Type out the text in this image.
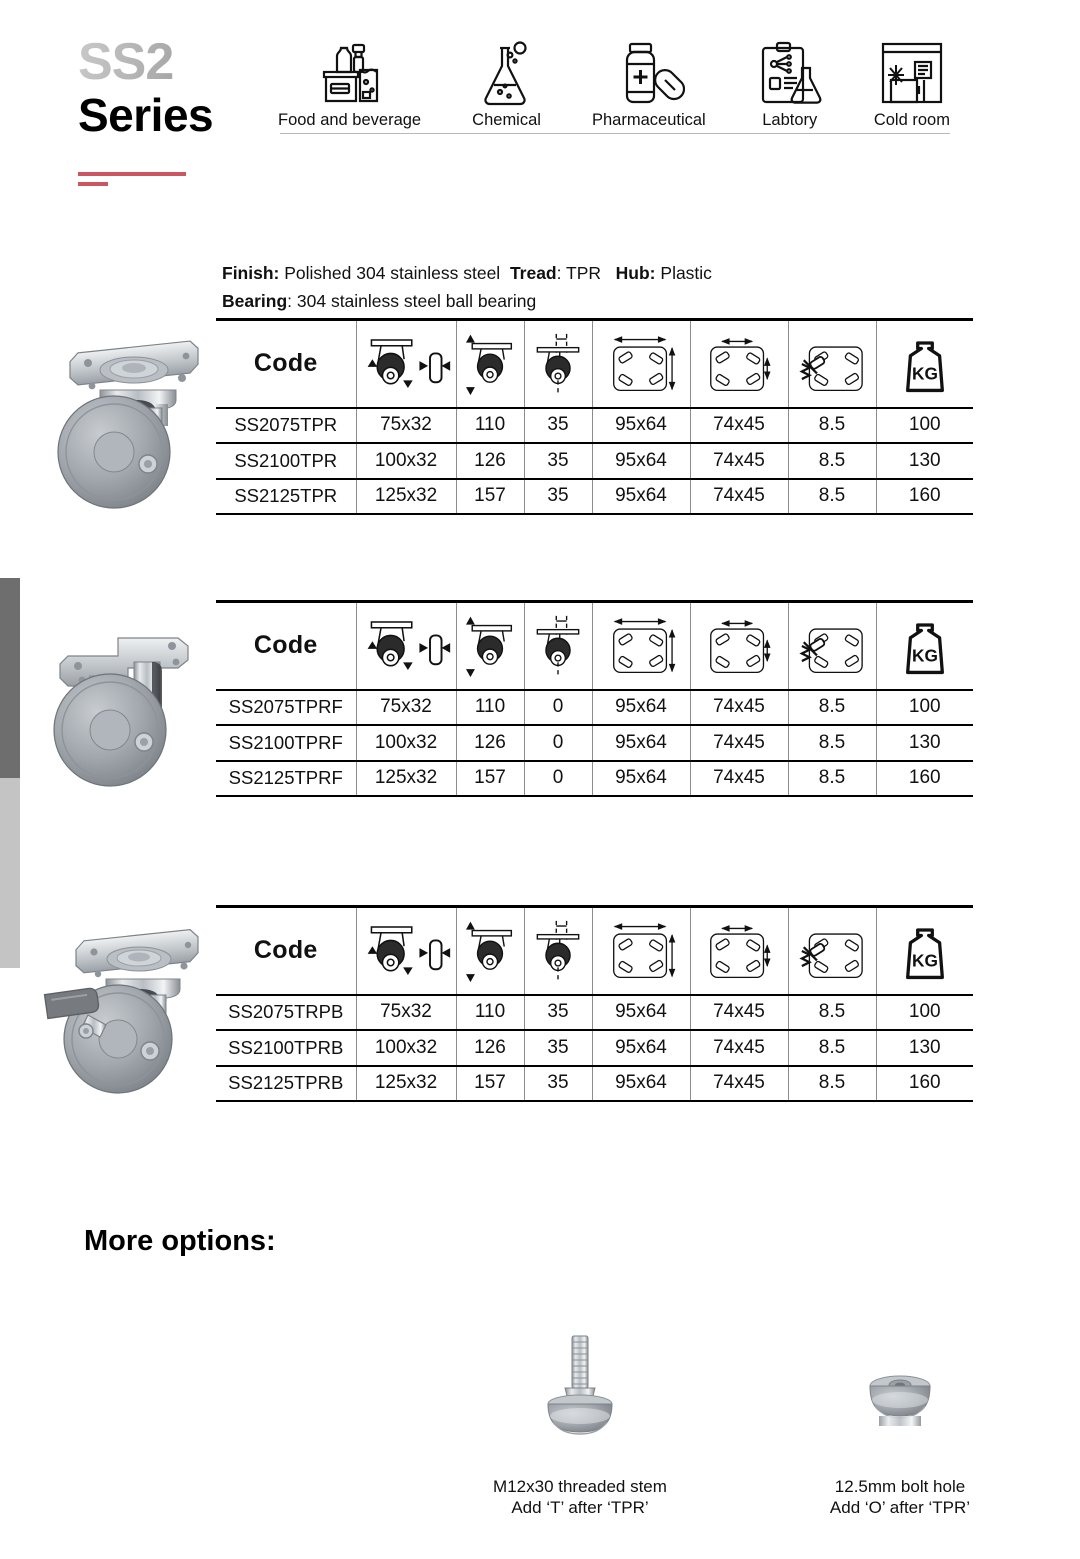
SS2
Series	Food and beverage	Chemical	Pharmaceutical	Labtory	Cold room
Finish: Polished 304 stainless steel Tread: TPR Hub: Plastic
Bearing: 304 stainless steel ball bearing
Code	

SS2075TPR	75x32	110	35	95x64	74x45	8.5	100
SS2100TPR	100x32	126	35	95x64	74x45	8.5	130
SS2125TPR	125x32	157	35	95x64	74x45	8.5	160
Code	

SS2075TPRF	75x32	110	0	95x64	74x45	8.5	100
SS2100TPRF	100x32	126	0	95x64	74x45	8.5	130
SS2125TPRF	125x32	157	0	95x64	74x45	8.5	160
Code	

SS2075TRPB	75x32	110	35	95x64	74x45	8.5	100
SS2100TPRB	100x32	126	35	95x64	74x45	8.5	130
SS2125TPRB	125x32	157	35	95x64	74x45	8.5	160
More options:
M12x30 threaded stem
Add ‘T’ after ‘TPR’
12.5mm bolt hole
Add ‘O’ after ‘TPR’
